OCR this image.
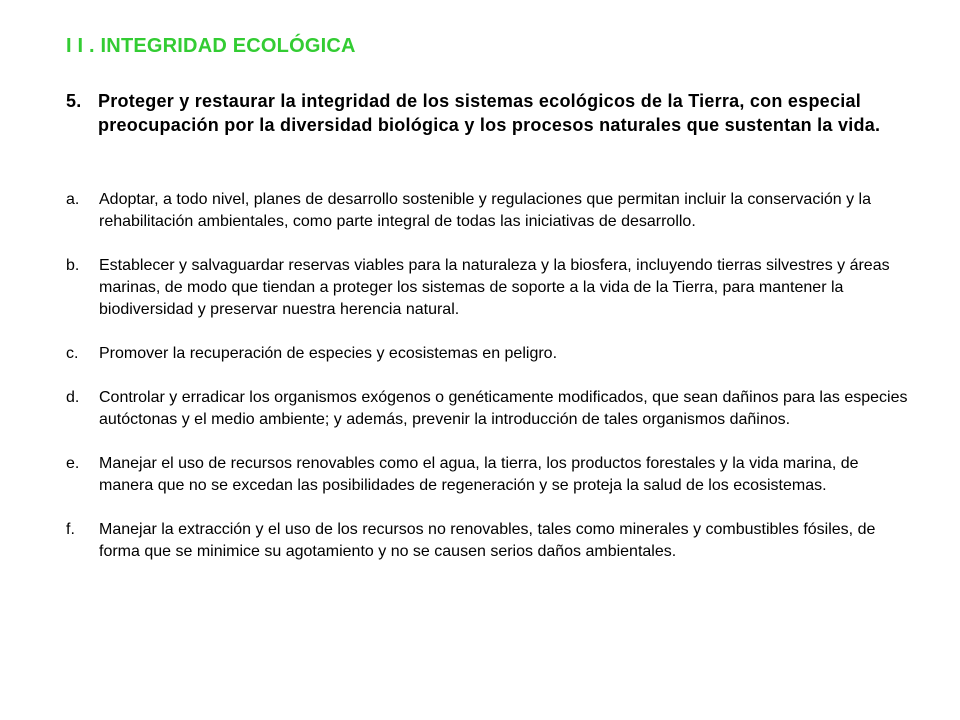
I I . INTEGRIDAD ECOLÓGICA
5. Proteger y restaurar la integridad de los sistemas ecológicos de la Tierra, con especial preocupación por la diversidad biológica y los procesos naturales que sustentan la vida.
a. Adoptar, a todo nivel, planes de desarrollo sostenible y regulaciones que permitan incluir la conservación y la rehabilitación ambientales, como parte integral de todas las iniciativas de desarrollo.
b. Establecer y salvaguardar reservas viables para la naturaleza y la biosfera, incluyendo tierras silvestres y áreas marinas, de modo que tiendan a proteger los sistemas de soporte a la vida de la Tierra, para mantener la biodiversidad y preservar nuestra herencia natural.
c. Promover la recuperación de especies y ecosistemas en peligro.
d. Controlar y erradicar los organismos exógenos o genéticamente modificados, que sean dañinos para las especies autóctonas y el medio ambiente; y además, prevenir la introducción de tales organismos dañinos.
e. Manejar el uso de recursos renovables como el agua, la tierra, los productos forestales y la vida marina, de manera que no se excedan las posibilidades de regeneración y se proteja la salud de los ecosistemas.
f. Manejar la extracción y el uso de los recursos no renovables, tales como minerales y combustibles fósiles, de forma que se minimice su agotamiento y no se causen serios daños ambientales.
